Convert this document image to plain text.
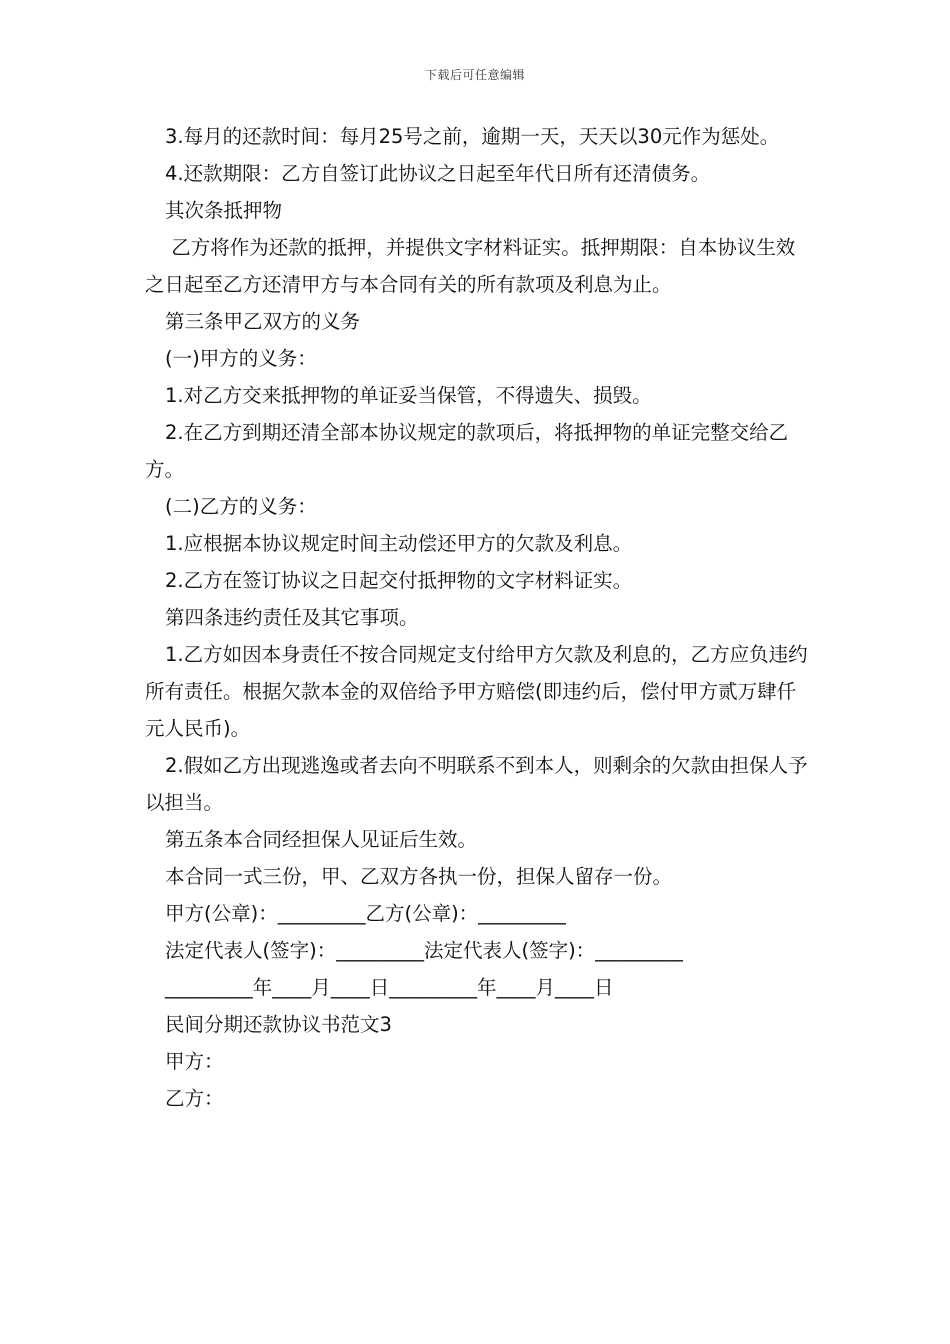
下载后可任意编辑

3.每月的还款时间：每月25号之前，逾期一天，天天以30元作为惩处。

4.还款期限：乙方自签订此协议之日起至年代日所有还清债务。

其次条抵押物

乙方将作为还款的抵押，并提供文字材料证实。抵押期限：自本协议生效之日起至乙方还清甲方与本合同有关的所有款项及利息为止。

第三条甲乙双方的义务

(一)甲方的义务：

1.对乙方交来抵押物的单证妥当保管，不得遗失、损毁。

2.在乙方到期还清全部本协议规定的款项后，将抵押物的单证完整交给乙方。

(二)乙方的义务：

1.应根据本协议规定时间主动偿还甲方的欠款及利息。

2.乙方在签订协议之日起交付抵押物的文字材料证实。

第四条违约责任及其它事项。

1.乙方如因本身责任不按合同规定支付给甲方欠款及利息的，乙方应负违约所有责任。根据欠款本金的双倍给予甲方赔偿(即违约后，偿付甲方贰万肆仟元人民币)。

2.假如乙方出现逃逸或者去向不明联系不到本人，则剩余的欠款由担保人予以担当。

第五条本合同经担保人见证后生效。

本合同一式三份，甲、乙双方各执一份，担保人留存一份。

甲方(公章)：_________乙方(公章)：_________

法定代表人(签字)：_________法定代表人(签字)：_________

_________年____月____日_________年____月____日

民间分期还款协议书范文3

甲方：

乙方：
